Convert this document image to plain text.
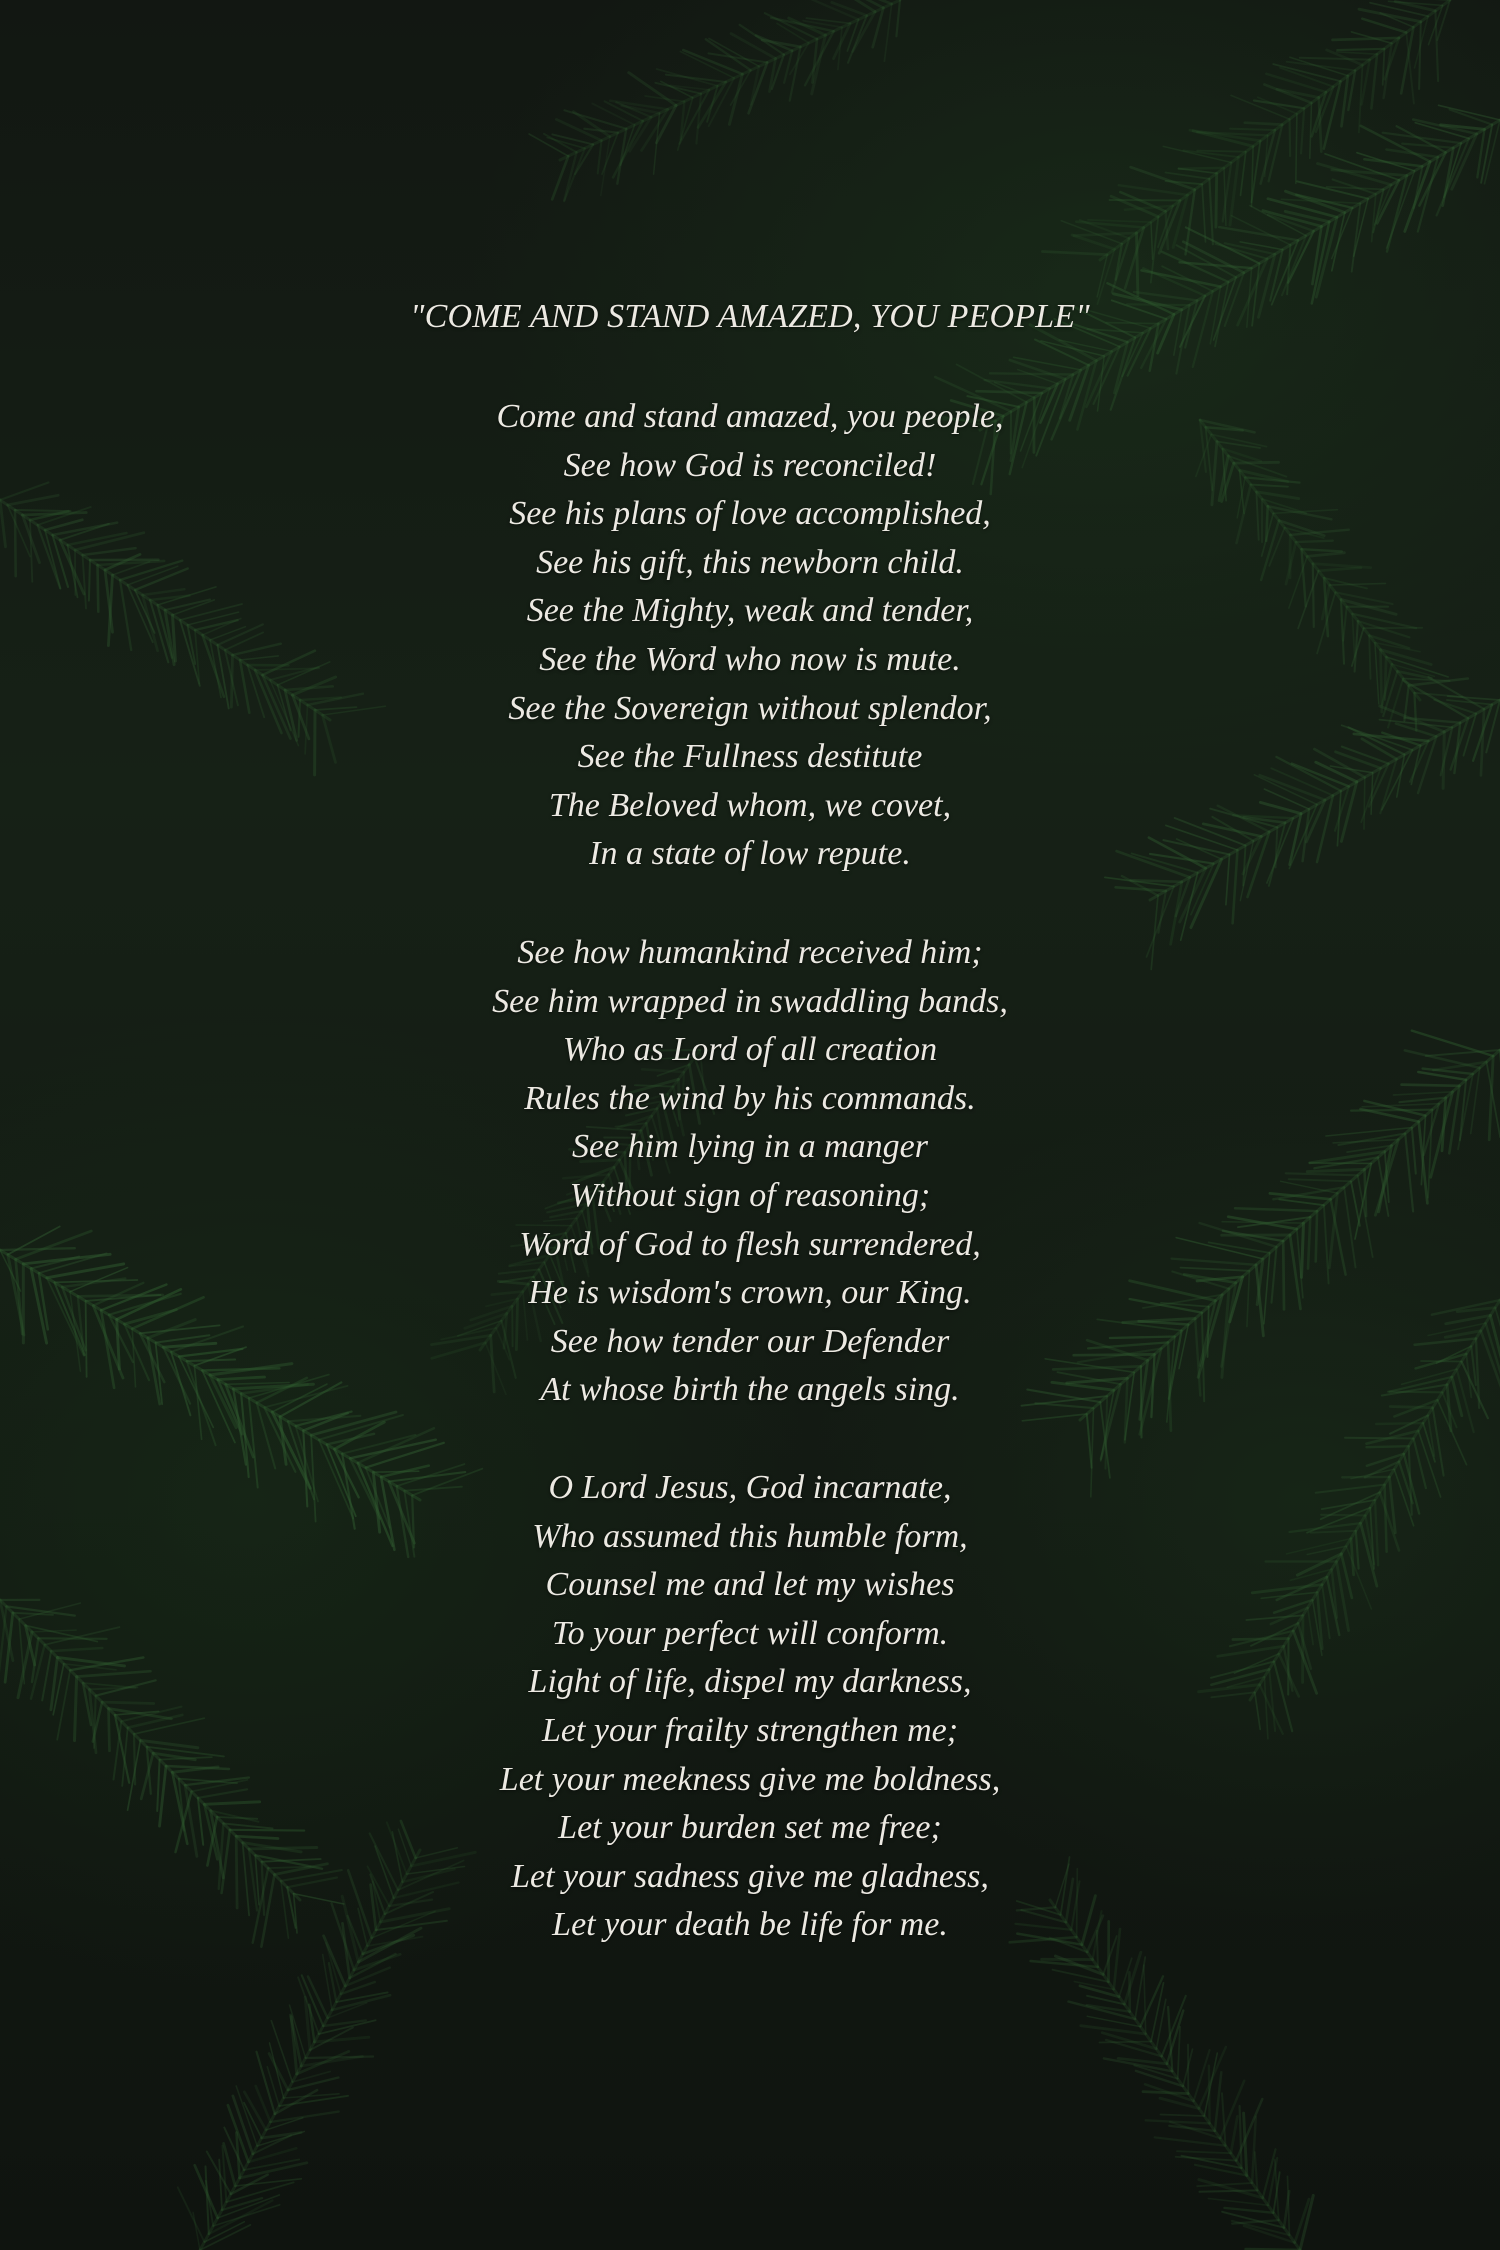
"COME AND STAND AMAZED, YOU PEOPLE"
Come and stand amazed, you people,
See how God is reconciled!
See his plans of love accomplished,
See his gift, this newborn child.
See the Mighty, weak and tender,
See the Word who now is mute.
See the Sovereign without splendor,
See the Fullness destitute
The Beloved whom, we covet,
In a state of low repute.
See how humankind received him;
See him wrapped in swaddling bands,
Who as Lord of all creation
Rules the wind by his commands.
See him lying in a manger
Without sign of reasoning;
Word of God to flesh surrendered,
He is wisdom's crown, our King.
See how tender our Defender
At whose birth the angels sing.
O Lord Jesus, God incarnate,
Who assumed this humble form,
Counsel me and let my wishes
To your perfect will conform.
Light of life, dispel my darkness,
Let your frailty strengthen me;
Let your meekness give me boldness,
Let your burden set me free;
Let your sadness give me gladness,
Let your death be life for me.
